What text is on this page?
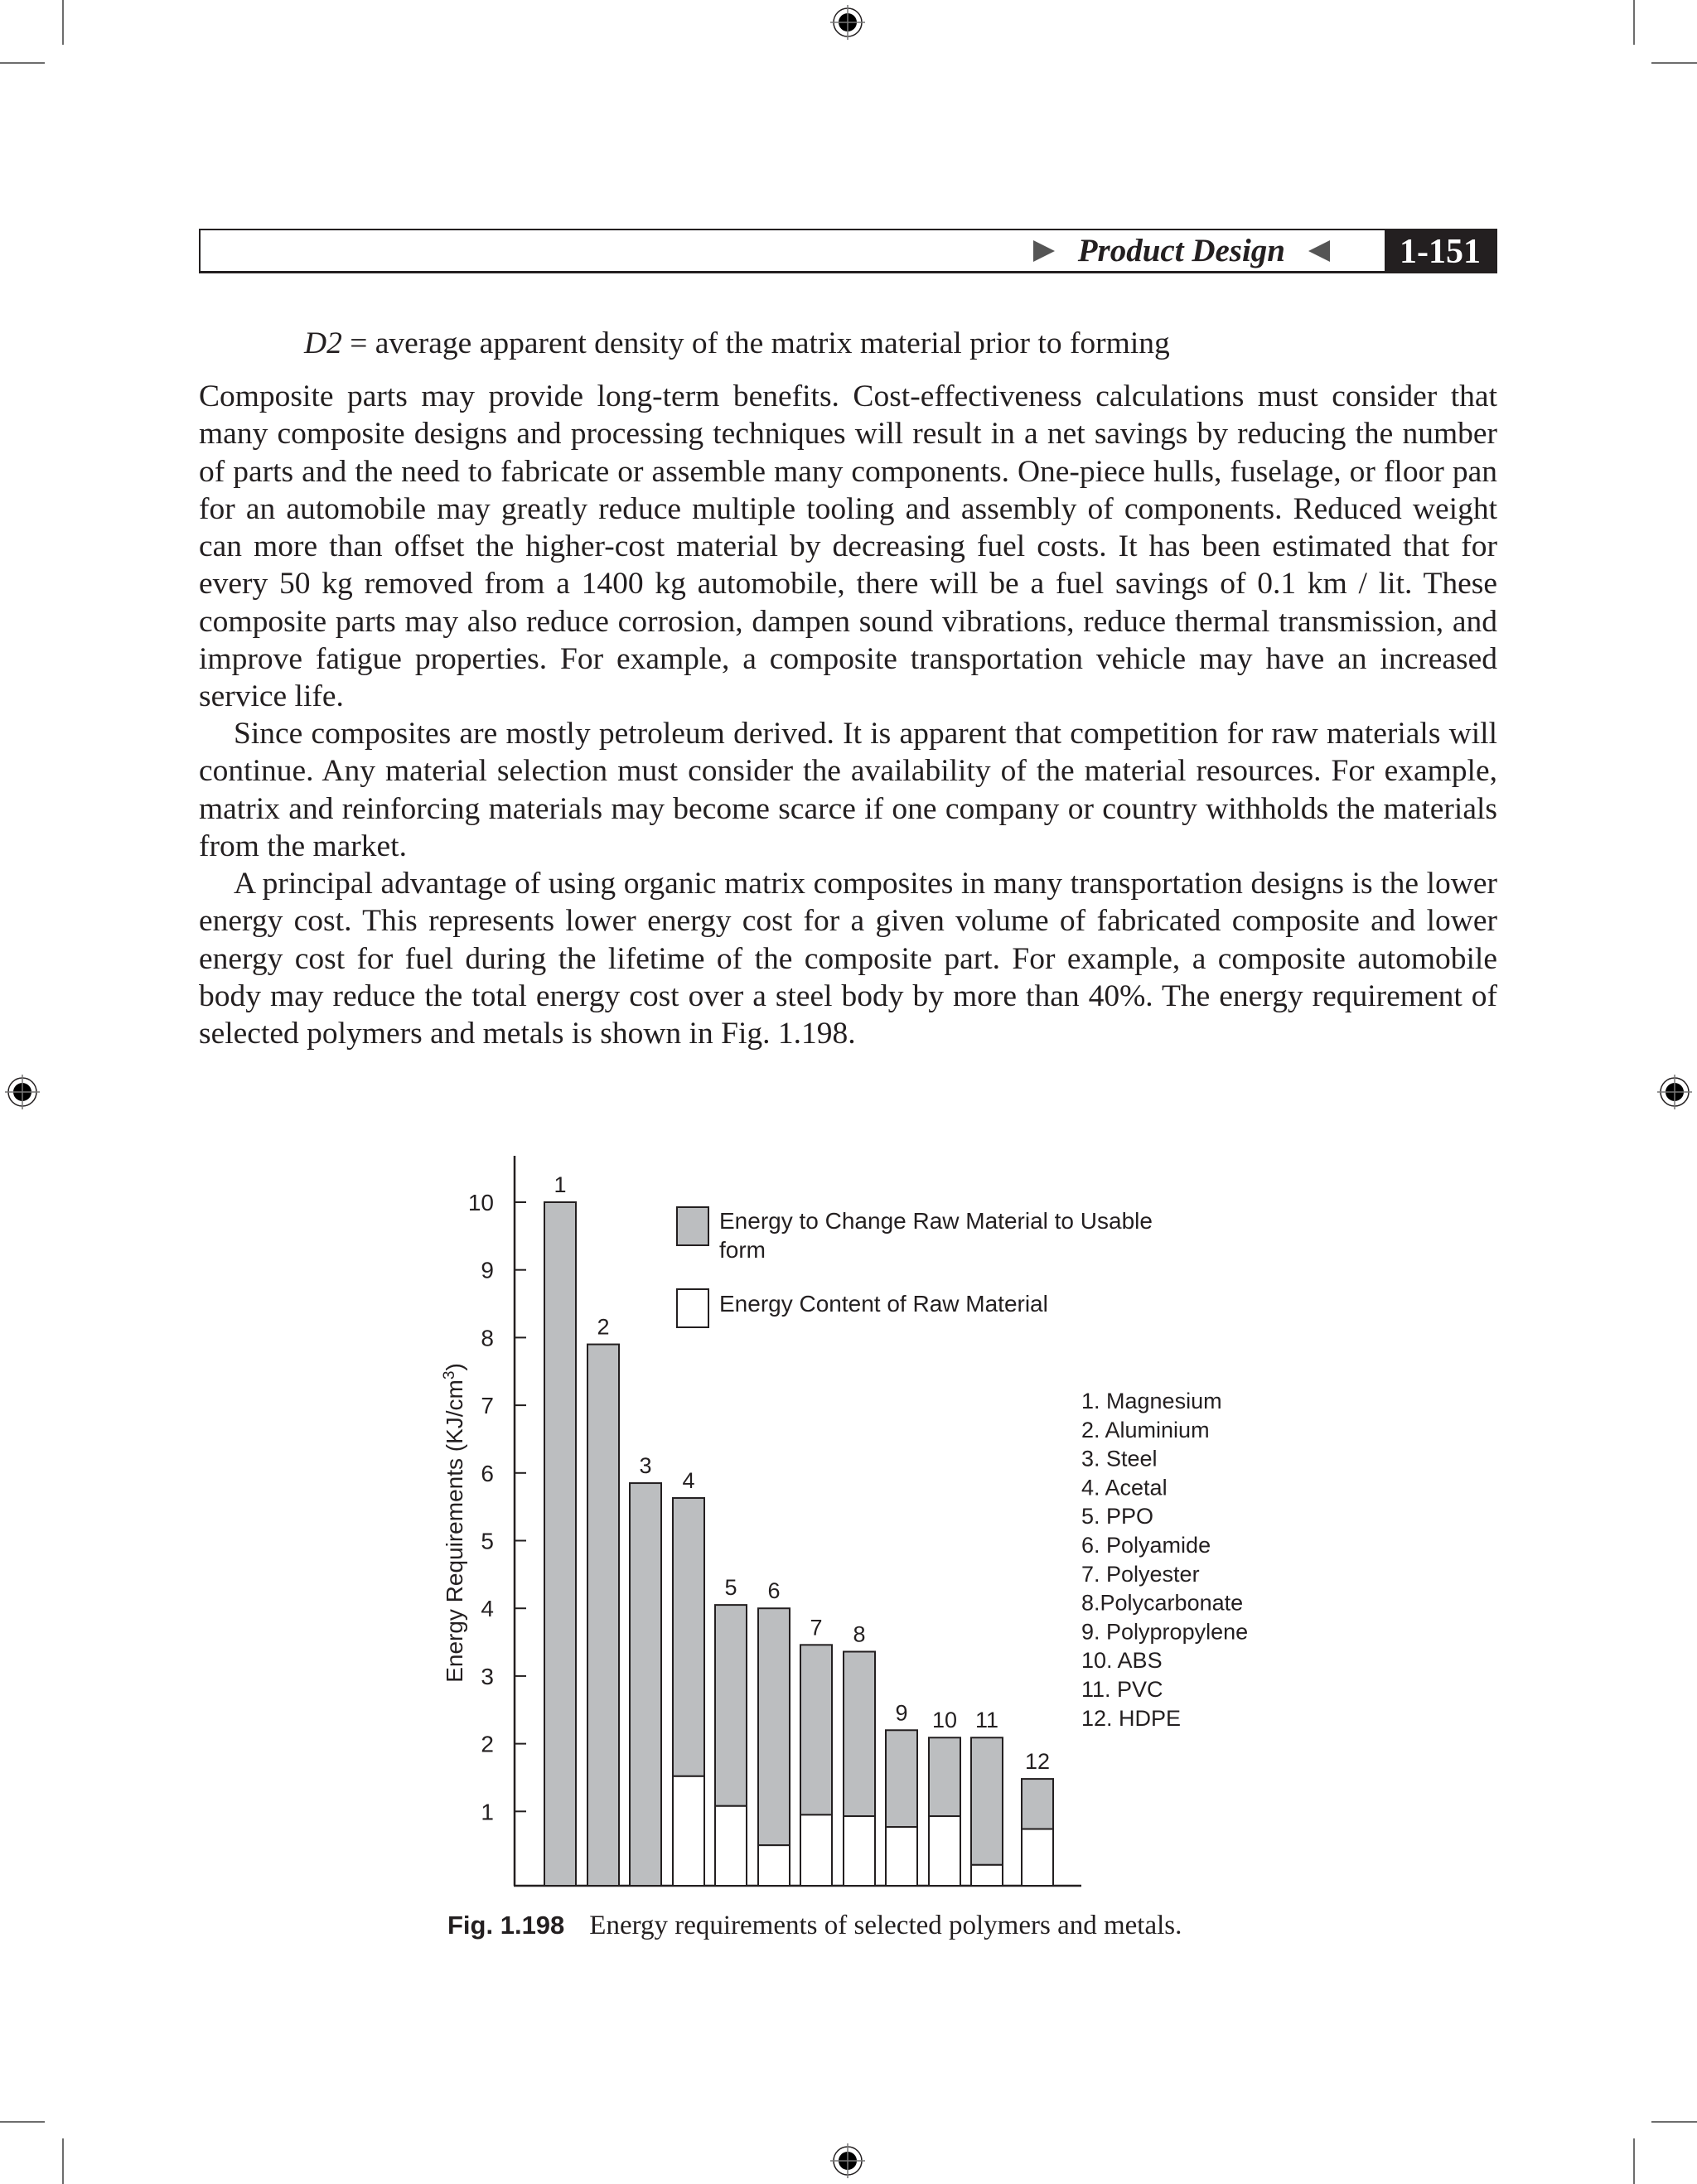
Product Design	1-151
D2 = average apparent density of the matrix material prior to forming

Composite parts may provide long-term benefits. Cost-effectiveness calculations must consider that many composite designs and processing techniques will result in a net savings by reducing the number of parts and the need to fabricate or assemble many components. One-piece hulls, fuselage, or floor pan for an automobile may greatly reduce multiple tooling and assembly of components. Reduced weight can more than offset the higher-cost material by decreasing fuel costs. It has been estimated that for every 50 kg removed from a 1400 kg automobile, there will be a fuel savings of 0.1 km / lit. These composite parts may also reduce corrosion, dampen sound vibrations, reduce thermal transmission, and improve fatigue properties. For example, a composite transportation vehicle may have an increased service life.

Since composites are mostly petroleum derived. It is apparent that competition for raw materials will continue. Any material selection must consider the availability of the material resources. For example, matrix and reinforcing materials may become scarce if one company or country withholds the materials from the market.

A principal advantage of using organic matrix composites in many transportation designs is the lower energy cost. This represents lower energy cost for a given volume of fabricated composite and lower energy cost for fuel during the lifetime of the composite part. For example, a composite automobile body may reduce the total energy cost over a steel body by more than 40%. The energy requirement of selected polymers and metals is shown in Fig. 1.198.

1
2
3
4
5
6
7
8
9
10
1
2
3
4
5 6
7 8
9 10 11
12
Energy Requirements $(KJ/cm^3)$
Energy to Change Raw Material to Usable
form
Energy Content of Raw Material
1. Magnesium
2. Aluminium
3. Steel
4. Acetal
5. PPO
6. Polyamide
7. Polyester
8.Polycarbonate
9. Polypropylene
10. ABS
11. PVC
12. HDPE
Fig. 1.198 Energy requirements of selected polymers and metals.
